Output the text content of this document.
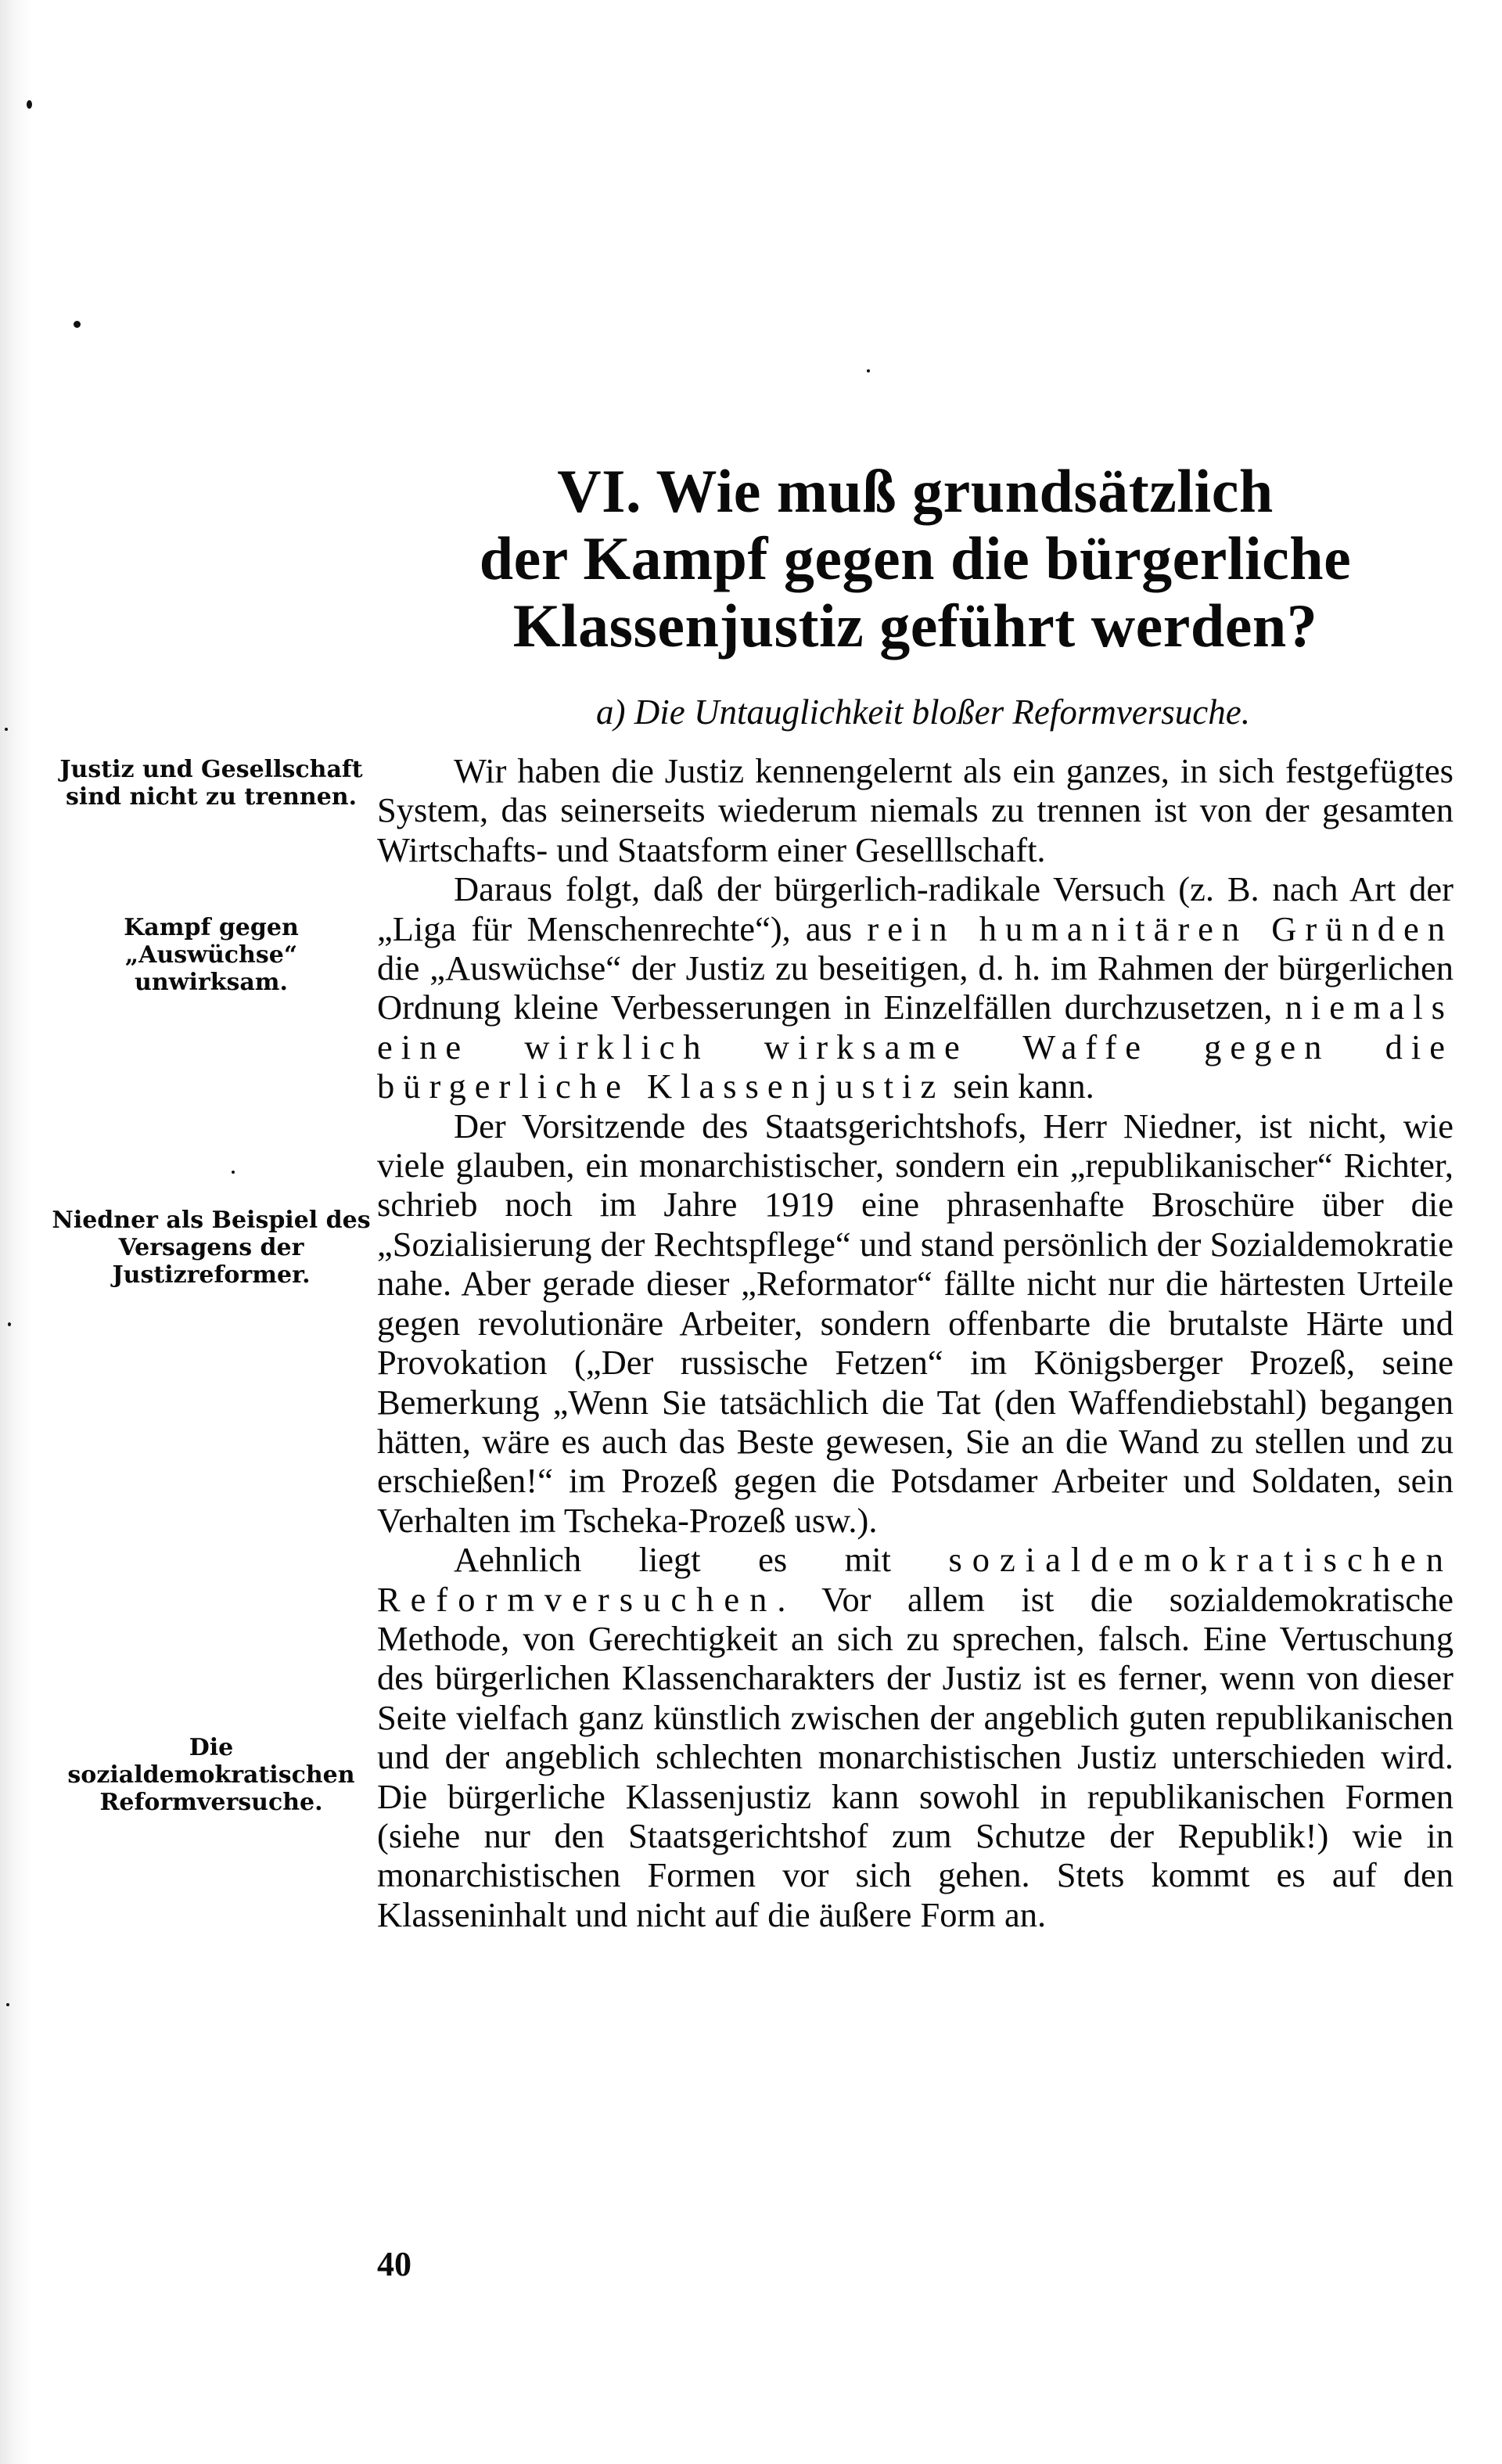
VI. Wie muß grundsätzlich
der Kampf gegen die bürgerliche
Klassenjustiz geführt werden?
a) Die Untauglichkeit bloßer Reformversuche.
Justiz und Gesellschaft sind nicht zu trennen.
Kampf gegen „Auswüchse“ unwirksam.
Niedner als Beispiel des Versagens der Justizreformer.
Die sozialdemokratischen Reformversuche.

Wir haben die Justiz kennengelernt als ein ganzes, in sich festgefügtes System, das seinerseits wiederum niemals zu trennen ist von der gesamten Wirtschafts- und Staatsform einer Geselllschaft.

Daraus folgt, daß der bürgerlich-radikale Versuch (z. B. nach Art der „Liga für Menschenrechte“), aus rein humanitären Gründen die „Auswüchse“ der Justiz zu beseitigen, d. h. im Rahmen der bürgerlichen Ordnung kleine Verbesserungen in Einzelfällen durchzusetzen, niemals eine wirklich wirksame Waffe gegen die bürgerliche Klassenjustiz sein kann.

Der Vorsitzende des Staatsgerichtshofs, Herr Niedner, ist nicht, wie viele glauben, ein monarchistischer, sondern ein „republikanischer“ Richter, schrieb noch im Jahre 1919 eine phrasenhafte Broschüre über die „Sozialisierung der Rechtspflege“ und stand persönlich der Sozialdemokratie nahe. Aber gerade dieser „Reformator“ fällte nicht nur die härtesten Urteile gegen revolutionäre Arbeiter, sondern offenbarte die brutalste Härte und Provokation („Der russische Fetzen“ im Königsberger Prozeß, seine Bemerkung „Wenn Sie tatsächlich die Tat (den Waffendiebstahl) begangen hätten, wäre es auch das Beste gewesen, Sie an die Wand zu stellen und zu erschießen!“ im Prozeß gegen die Potsdamer Arbeiter und Soldaten, sein Verhalten im Tscheka-Prozeß usw.).

Aehnlich liegt es mit sozialdemokratischen Reformversuchen. Vor allem ist die sozialdemokratische Methode, von Gerechtigkeit an sich zu sprechen, falsch. Eine Vertuschung des bürgerlichen Klassencharakters der Justiz ist es ferner, wenn von dieser Seite vielfach ganz künstlich zwischen der angeblich guten republikanischen und der angeblich schlechten monarchistischen Justiz unterschieden wird. Die bürgerliche Klassenjustiz kann sowohl in republikanischen Formen (siehe nur den Staatsgerichtshof zum Schutze der Republik!) wie in monarchistischen Formen vor sich gehen. Stets kommt es auf den Klasseninhalt und nicht auf die äußere Form an.

40
